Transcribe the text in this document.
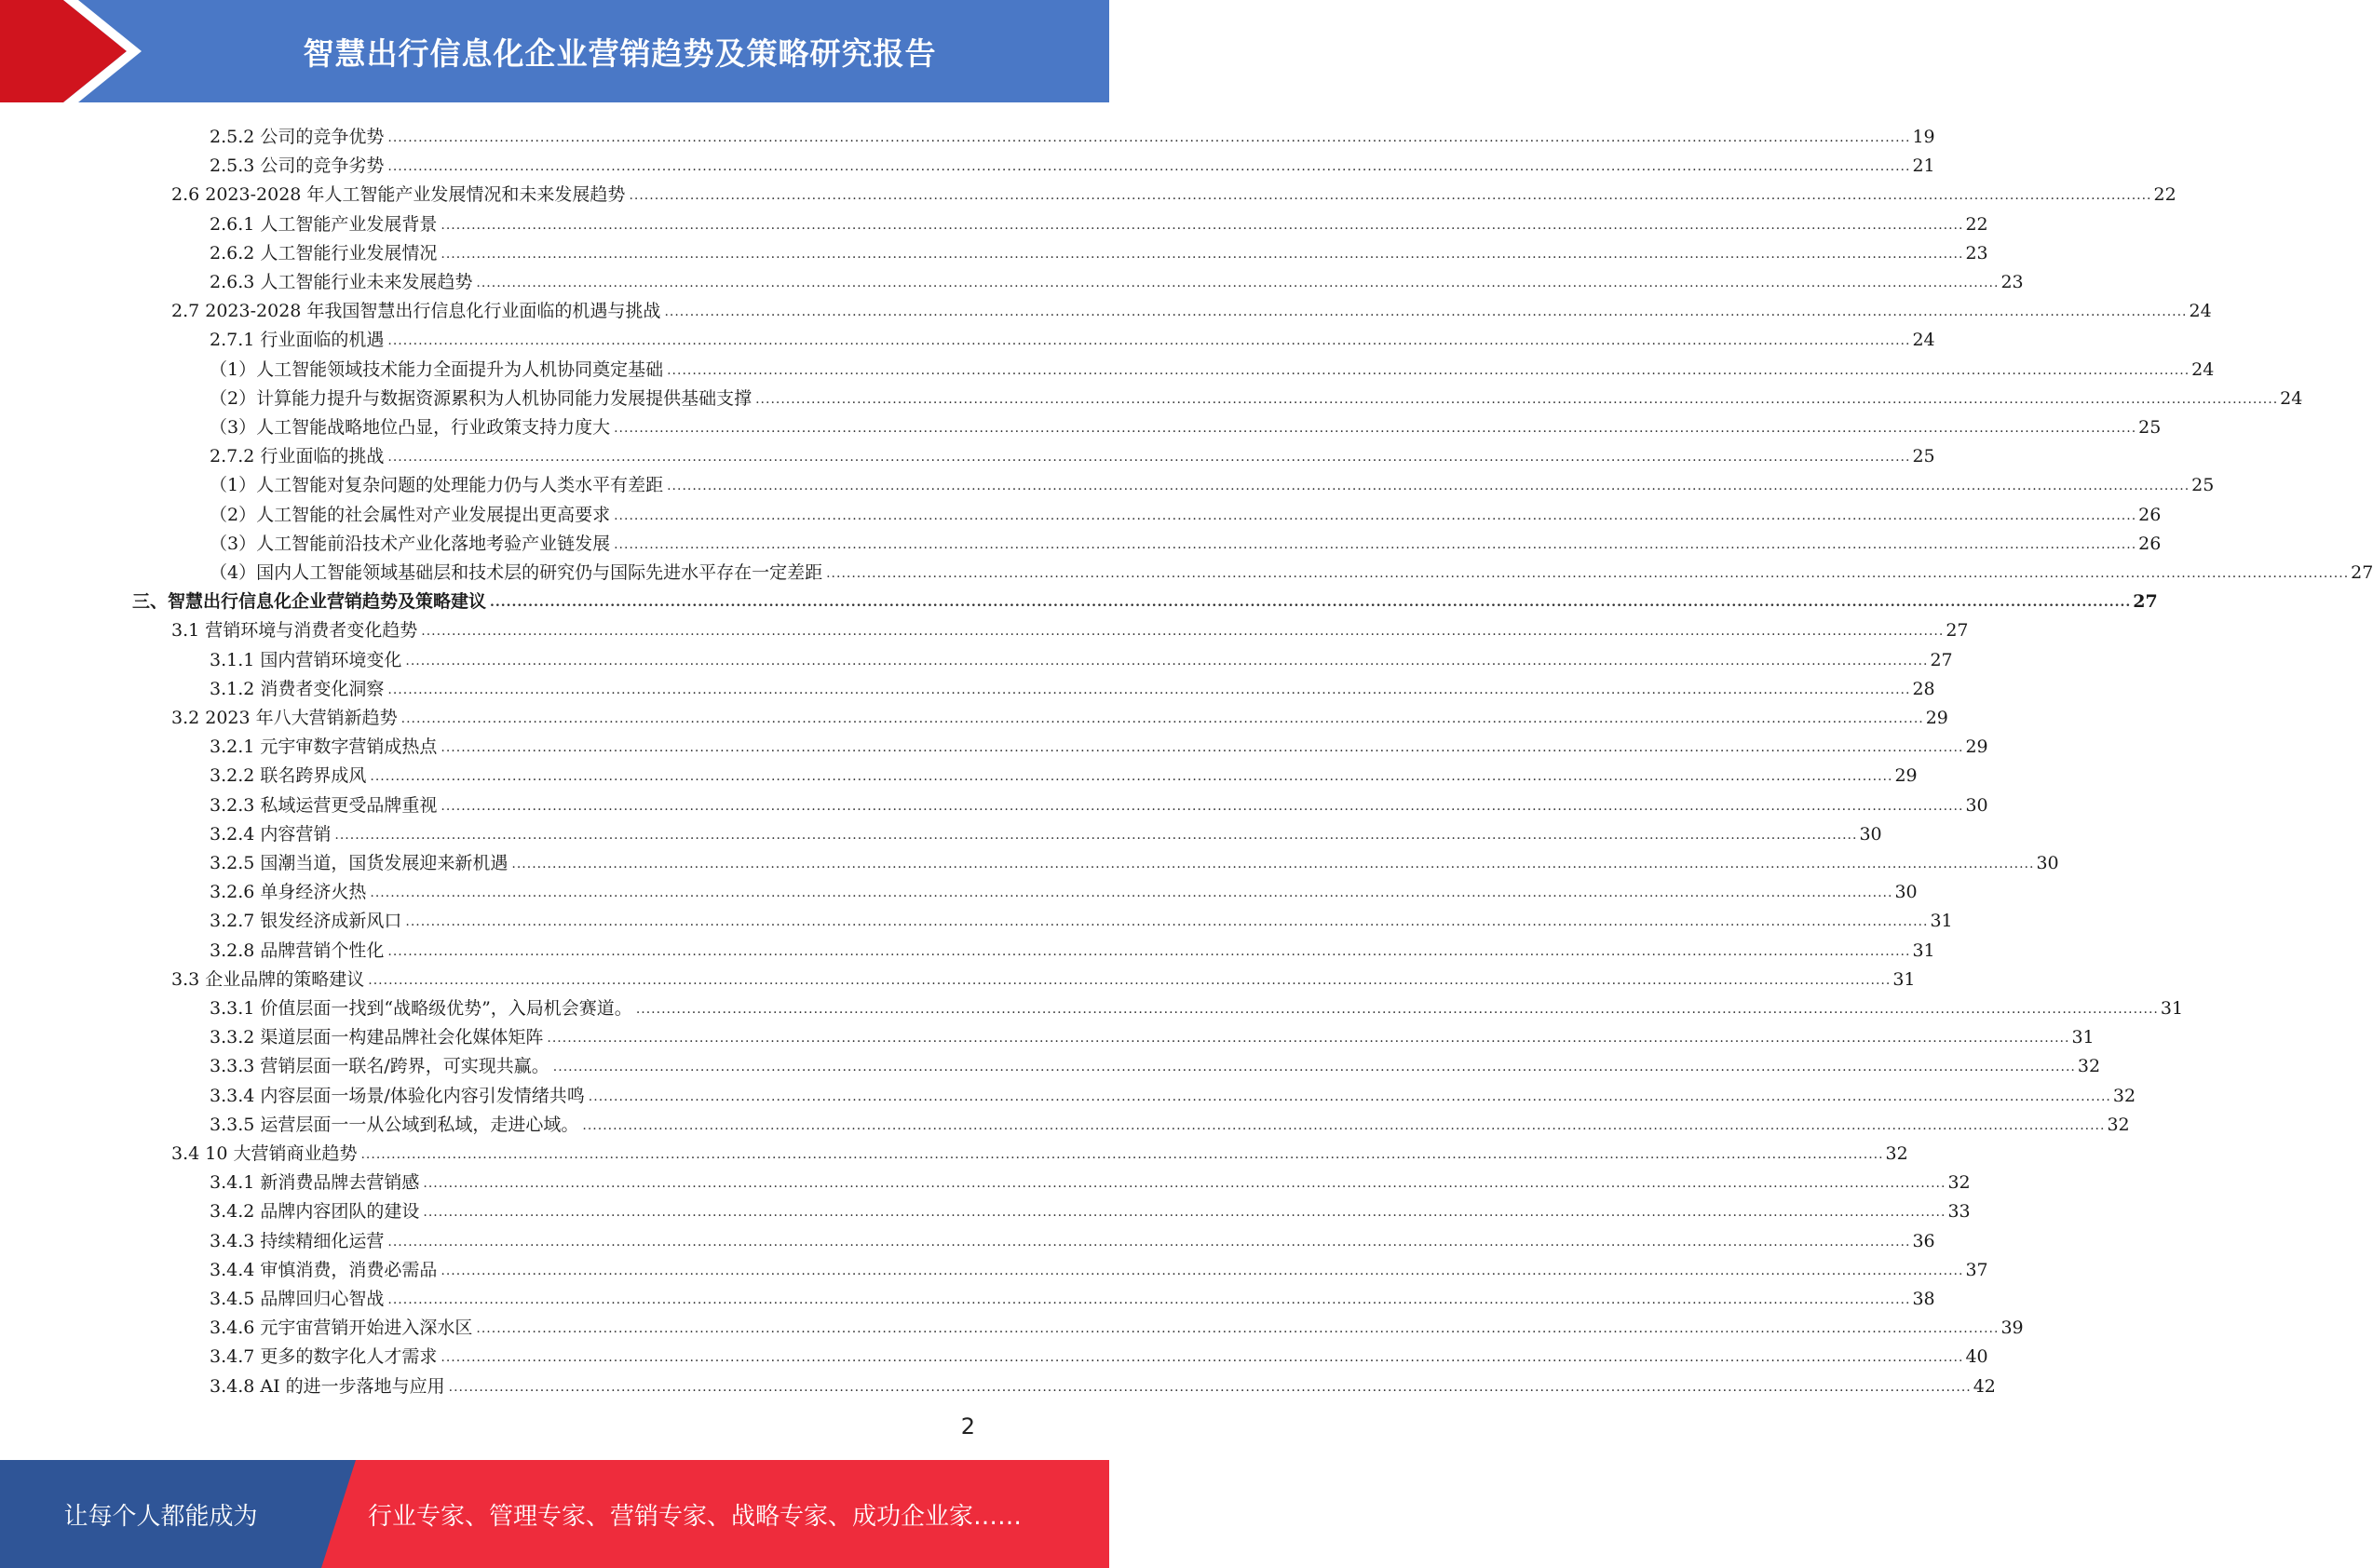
智慧出行信息化企业营销趋势及策略研究报告
2.5.2 公司的竞争优势 ............................................................................................................................................................................................................................................................................................................ 19
2.5.3 公司的竞争劣势 ............................................................................................................................................................................................................................................................................................................ 21
2.6 2023-2028 年人工智能产业发展情况和未来发展趋势 ............................................................................................................................................................................................................................................................................................................ 22
2.6.1 人工智能产业发展背景 ............................................................................................................................................................................................................................................................................................................ 22
2.6.2 人工智能行业发展情况 ............................................................................................................................................................................................................................................................................................................ 23
2.6.3 人工智能行业未来发展趋势 ............................................................................................................................................................................................................................................................................................................ 23
2.7 2023-2028 年我国智慧出行信息化行业面临的机遇与挑战 ............................................................................................................................................................................................................................................................................................................ 24
2.7.1 行业面临的机遇 ............................................................................................................................................................................................................................................................................................................ 24
（1）人工智能领域技术能力全面提升为人机协同奠定基础 ............................................................................................................................................................................................................................................................................................................ 24
（2）计算能力提升与数据资源累积为人机协同能力发展提供基础支撑 ............................................................................................................................................................................................................................................................................................................ 24
（3）人工智能战略地位凸显，行业政策支持力度大 ............................................................................................................................................................................................................................................................................................................ 25
2.7.2 行业面临的挑战 ............................................................................................................................................................................................................................................................................................................ 25
（1）人工智能对复杂问题的处理能力仍与人类水平有差距 ............................................................................................................................................................................................................................................................................................................ 25
（2）人工智能的社会属性对产业发展提出更高要求 ............................................................................................................................................................................................................................................................................................................ 26
（3）人工智能前沿技术产业化落地考验产业链发展 ............................................................................................................................................................................................................................................................................................................ 26
（4）国内人工智能领域基础层和技术层的研究仍与国际先进水平存在一定差距 ............................................................................................................................................................................................................................................................................................................ 27
三、智慧出行信息化企业营销趋势及策略建议 ............................................................................................................................................................................................................................................................................................................ 27
3.1 营销环境与消费者变化趋势 ............................................................................................................................................................................................................................................................................................................ 27
3.1.1 国内营销环境变化 ............................................................................................................................................................................................................................................................................................................ 27
3.1.2 消费者变化洞察 ............................................................................................................................................................................................................................................................................................................ 28
3.2 2023 年八大营销新趋势 ............................................................................................................................................................................................................................................................................................................ 29
3.2.1 元宇审数字营销成热点 ............................................................................................................................................................................................................................................................................................................ 29
3.2.2 联名跨界成风 ............................................................................................................................................................................................................................................................................................................ 29
3.2.3 私域运营更受品牌重视 ............................................................................................................................................................................................................................................................................................................ 30
3.2.4 内容营销 ............................................................................................................................................................................................................................................................................................................ 30
3.2.5 国潮当道，国货发展迎来新机遇 ............................................................................................................................................................................................................................................................................................................ 30
3.2.6 单身经济火热 ............................................................................................................................................................................................................................................................................................................ 30
3.2.7 银发经济成新风口 ............................................................................................................................................................................................................................................................................................................ 31
3.2.8 品牌营销个性化 ............................................................................................................................................................................................................................................................................................................ 31
3.3 企业品牌的策略建议 ............................................................................................................................................................................................................................................................................................................ 31
3.3.1 价值层面一找到“战略级优势”，入局机会赛道。 ............................................................................................................................................................................................................................................................................................................ 31
3.3.2 渠道层面一构建品牌社会化媒体矩阵 ............................................................................................................................................................................................................................................................................................................ 31
3.3.3 营销层面一联名/跨界，可实现共赢。 ............................................................................................................................................................................................................................................................................................................ 32
3.3.4 内容层面一场景/体验化内容引发情绪共鸣 ............................................................................................................................................................................................................................................................................................................ 32
3.3.5 运营层面一一从公域到私域，走进心域。 ............................................................................................................................................................................................................................................................................................................ 32
3.4 10 大营销商业趋势 ............................................................................................................................................................................................................................................................................................................ 32
3.4.1 新消费品牌去营销感 ............................................................................................................................................................................................................................................................................................................ 32
3.4.2 品牌内容团队的建设 ............................................................................................................................................................................................................................................................................................................ 33
3.4.3 持续精细化运营 ............................................................................................................................................................................................................................................................................................................ 36
3.4.4 审慎消费，消费必需品 ............................................................................................................................................................................................................................................................................................................ 37
3.4.5 品牌回归心智战 ............................................................................................................................................................................................................................................................................................................ 38
3.4.6 元宇宙营销开始进入深水区 ............................................................................................................................................................................................................................................................................................................ 39
3.4.7 更多的数字化人才需求 ............................................................................................................................................................................................................................................................................................................ 40
3.4.8 AI 的进一步落地与应用 ............................................................................................................................................................................................................................................................................................................ 42
2
让每个人都能成为	行业专家、管理专家、营销专家、战略专家、成功企业家……
